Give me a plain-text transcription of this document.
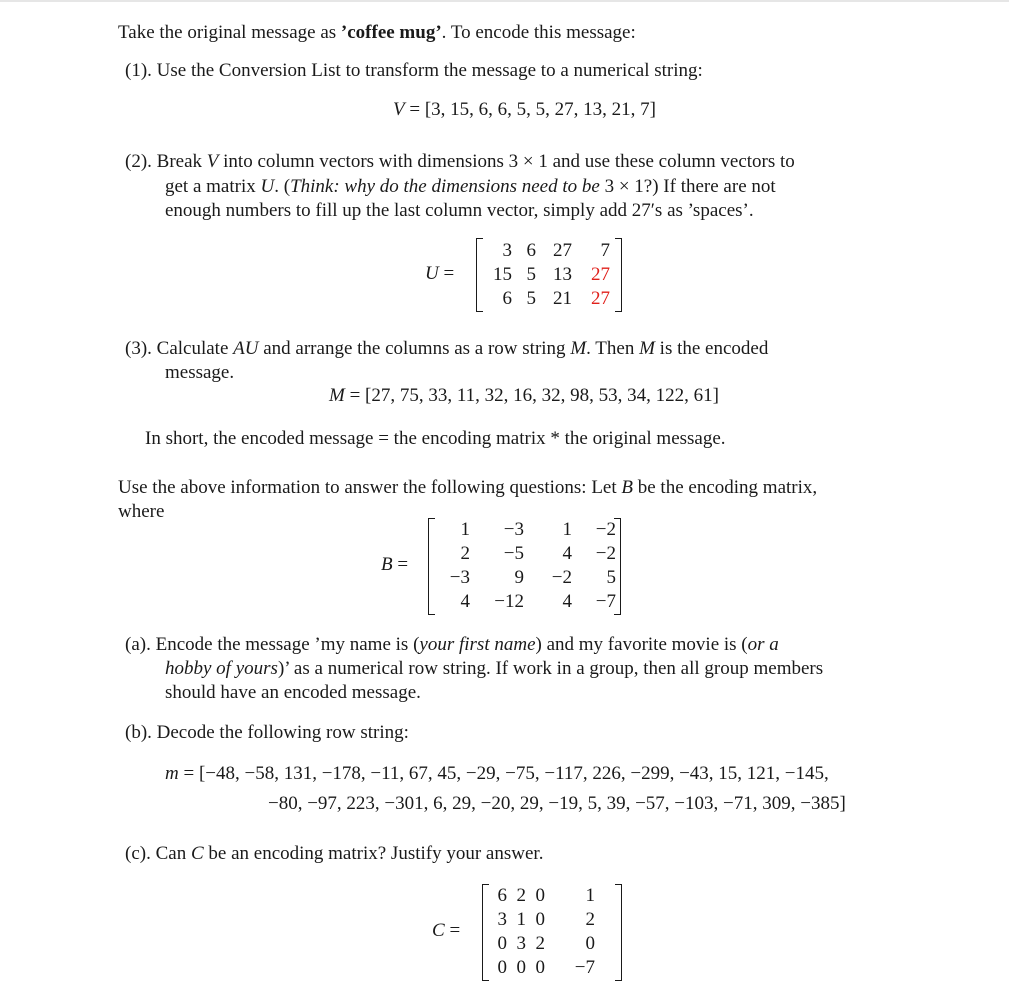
Take the original message as ’coffee mug’. To encode this message:
(1). Use the Conversion List to transform the message to a numerical string:
V = [3, 15, 6, 6, 5, 5, 27, 13, 21, 7]
(2). Break V into column vectors with dimensions 3 × 1 and use these column vectors to
get a matrix U. (Think: why do the dimensions need to be 3 × 1?) If there are not
enough numbers to fill up the last column vector, simply add 27′s as ’spaces’.
U =
3 6 27	7
15 5 13	27
6 5 21	27
(3). Calculate AU and arrange the columns as a row string M. Then M is the encoded
message.
M = [27, 75, 33, 11, 32, 16, 32, 98, 53, 34, 122, 61]
In short, the encoded message = the encoding matrix * the original message.
Use the above information to answer the following questions: Let B be the encoding matrix,
where
B =
1	−3	1	−2
2	−5	4	−2
−3	9	−2	5
4	−12	4	−7
(a). Encode the message ’my name is (your first name) and my favorite movie is (or a
hobby of yours)’ as a numerical row string. If work in a group, then all group members
should have an encoded message.
(b). Decode the following row string:
m = [−48, −58, 131, −178, −11, 67, 45, −29, −75, −117, 226, −299, −43, 15, 121, −145,
−80, −97, 223, −301, 6, 29, −20, 29, −19, 5, 39, −57, −103, −71, 309, −385]
(c). Can C be an encoding matrix? Justify your answer.
C =
6 2 0	1
3 1 0	2
0 3 2	0
0 0 0	−7
